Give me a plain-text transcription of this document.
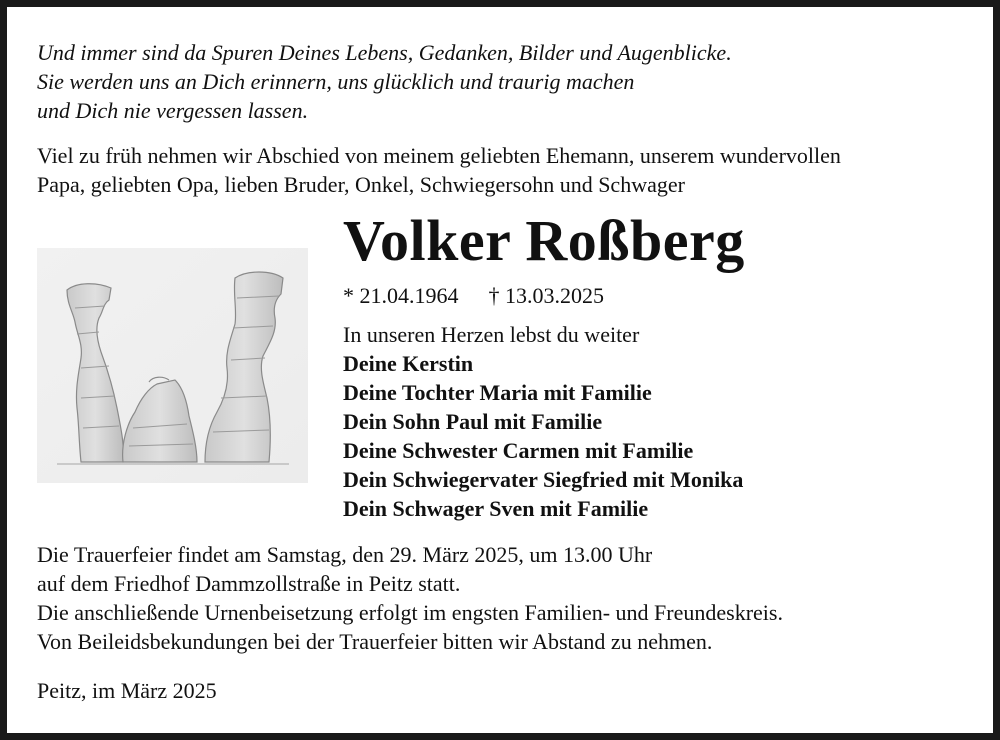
Und immer sind da Spuren Deines Lebens, Gedanken, Bilder und Augenblicke.
Sie werden uns an Dich erinnern, uns glücklich und traurig machen
und Dich nie vergessen lassen.
Viel zu früh nehmen wir Abschied von meinem geliebten Ehemann, unserem wundervollen
Papa, geliebten Opa, lieben Bruder, Onkel, Schwiegersohn und Schwager
Volker Roßberg
* 21.04.1964 † 13.03.2025
In unseren Herzen lebst du weiter
Deine Kerstin
Deine Tochter Maria mit Familie
Dein Sohn Paul mit Familie
Deine Schwester Carmen mit Familie
Dein Schwiegervater Siegfried mit Monika
Dein Schwager Sven mit Familie
Die Trauerfeier findet am Samstag, den 29. März 2025, um 13.00 Uhr
auf dem Friedhof Dammzollstraße in Peitz statt.
Die anschließende Urnenbeisetzung erfolgt im engsten Familien- und Freundeskreis.
Von Beileidsbekundungen bei der Trauerfeier bitten wir Abstand zu nehmen.
Peitz, im März 2025
